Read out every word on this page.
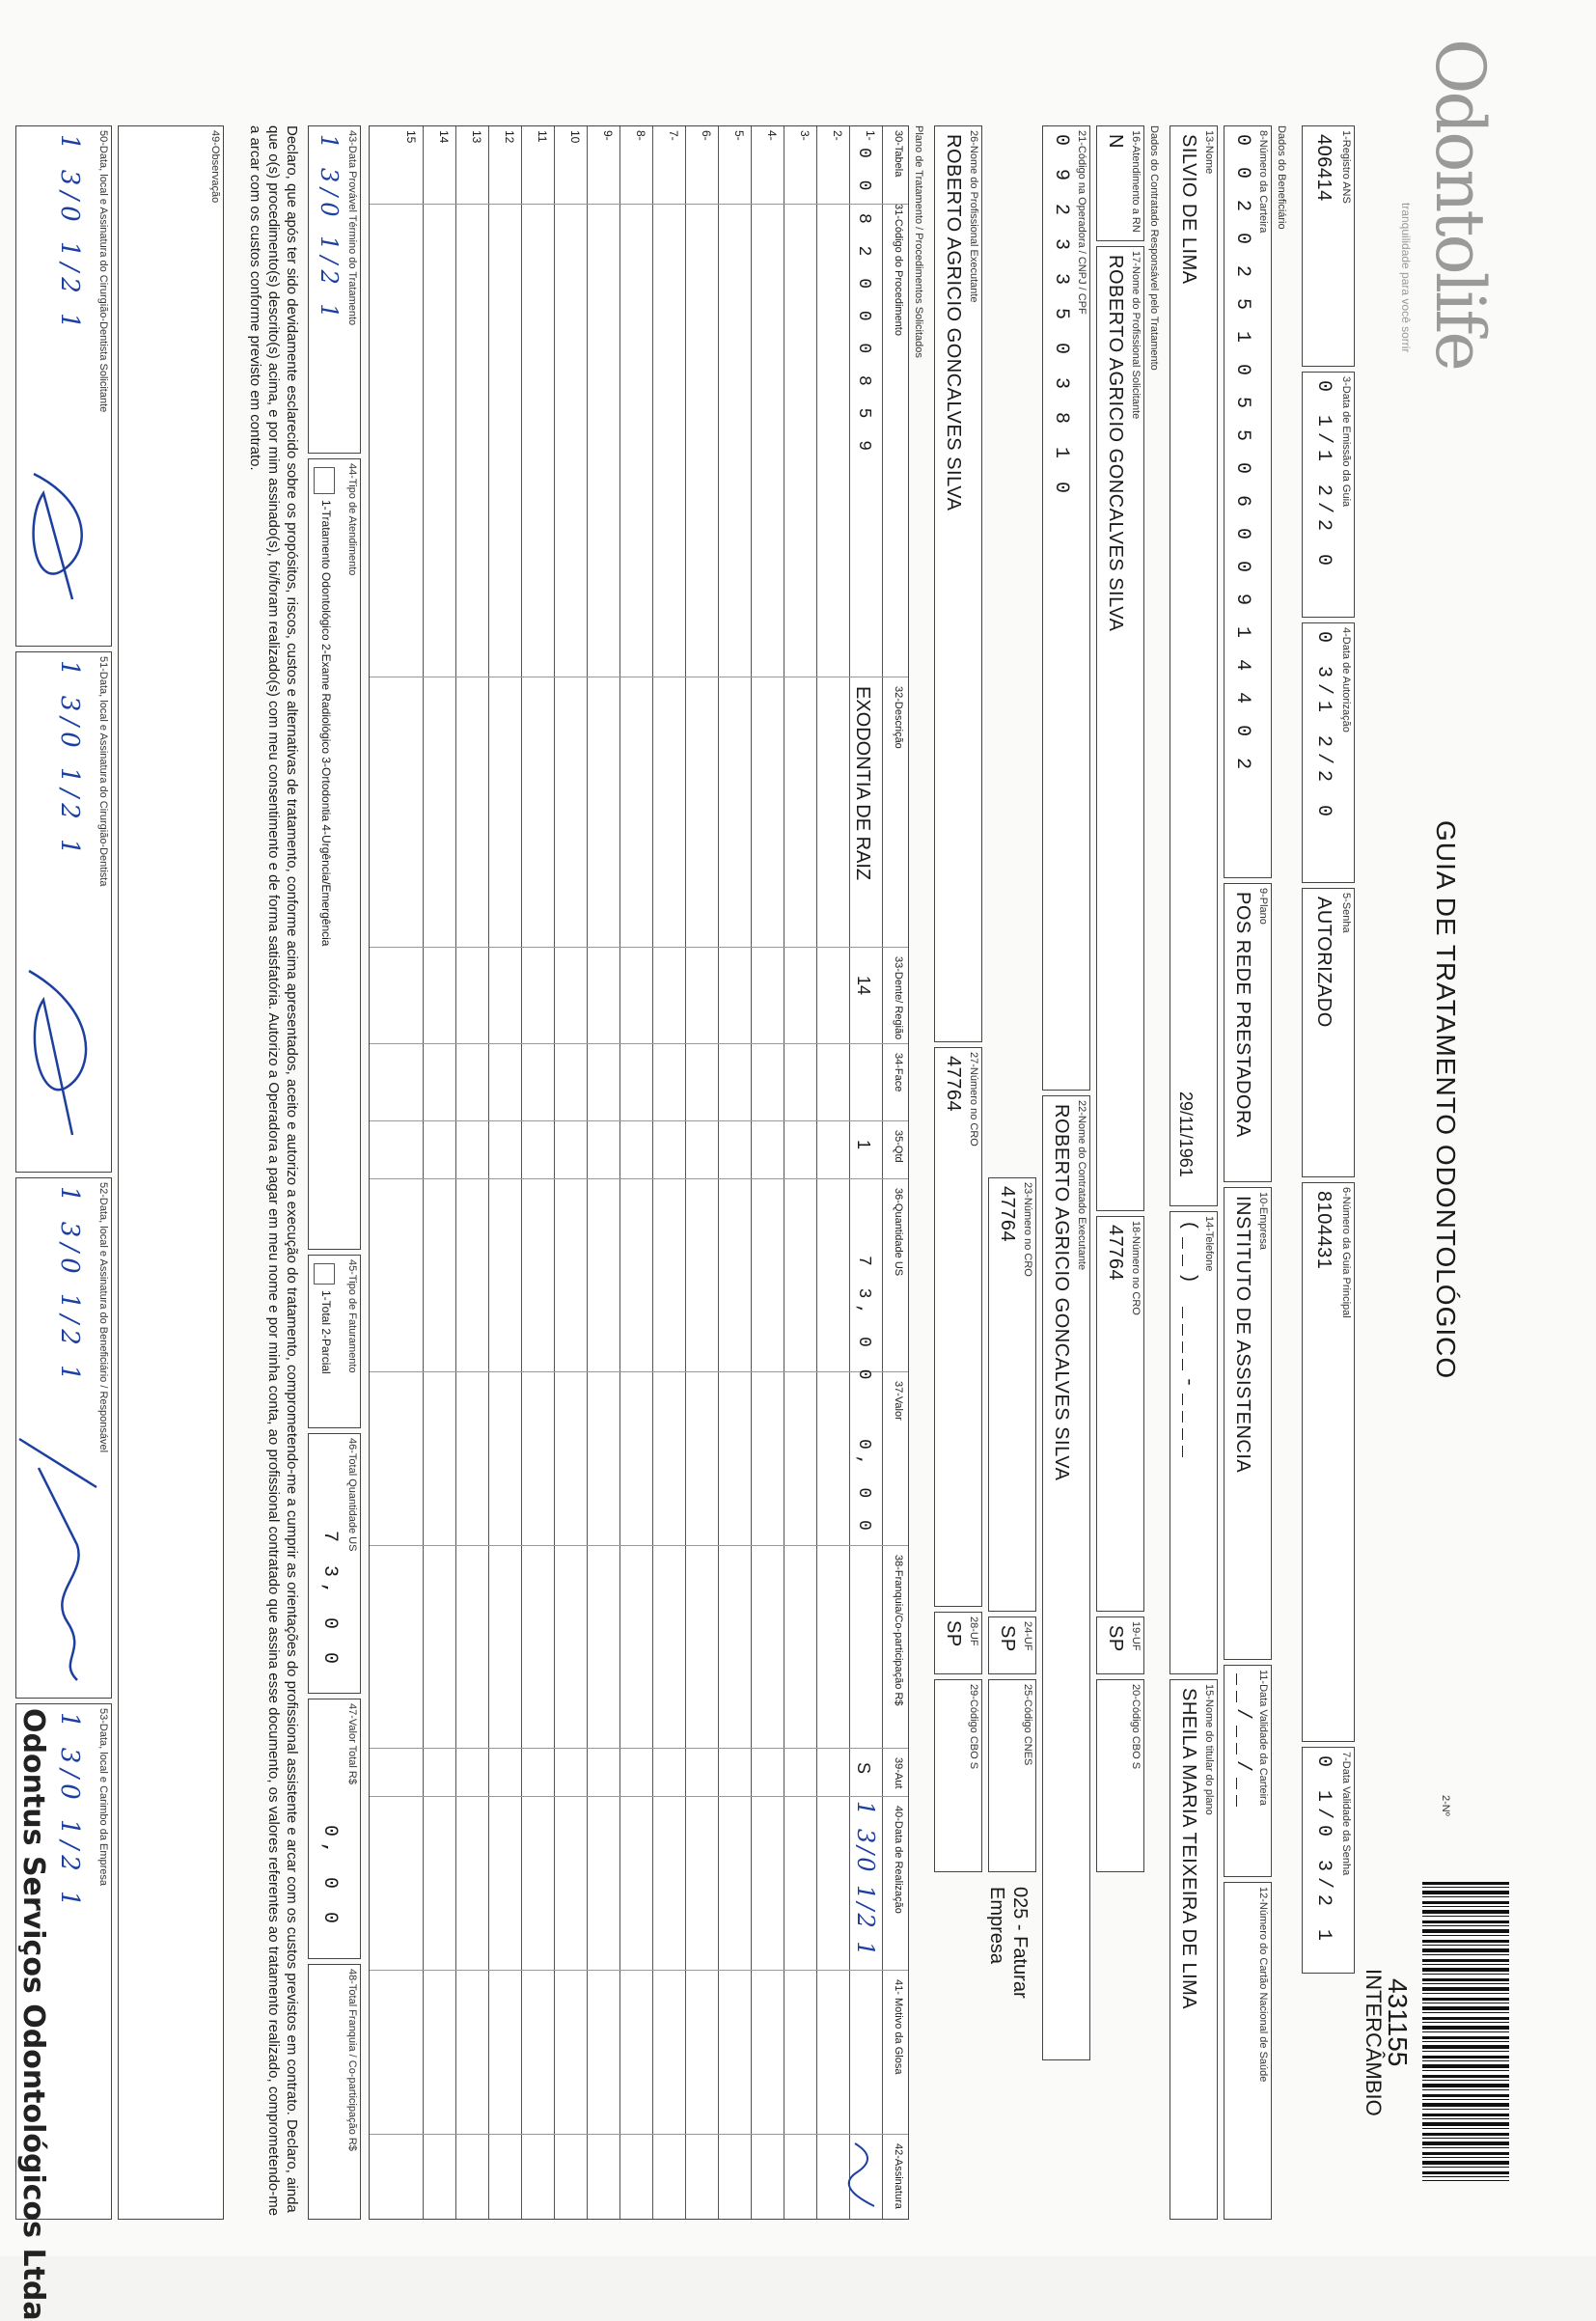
Odontolife
tranquilidade para você sorrir
GUIA DE TRATAMENTO ODONTOLÓGICO
2-Nº
431155
INTERCÂMBIO
1-Registro ANS
406414
3-Data de Emissão da Guia
0 1/1 2/2 0
4-Data de Autorização
0 3/1 2/2 0
5-Senha
AUTORIZADO
6-Número da Guia Principal
8104431
7-Data Validade da Senha
0 1/0 3/2 1
Dados do Beneficiário
8-Número da Carteira
0 0 2 0 2 5 1 0 5 5 0 6 0 0 9 1 4 4 0 2
9-Plano
POS REDE PRESTADORA
10-Empresa
INSTITUTO DE ASSISTENCIA
11-Data Validade da Carteira
__/__/__
12-Número do Cartão Nacional de Saúde
13-Nome
SILVIO DE LIMA
29/11/1961
14-Telefone
(__) ____-____
15-Nome do titular do plano
SHEILA MARIA TEIXEIRA DE LIMA
Dados do Contratado Responsável pelo Tratamento
16-Atendimento a RN
N
17-Nome do Profissional Solicitante
ROBERTO AGRICIO GONCALVES SILVA
18-Número no CRO
47764
19-UF
SP
20-Código CBO S
21-Código na Operadora / CNPJ / CPF
0 9 2 3 3 5 0 3 8 1 0
22-Nome do Contratado Executante
ROBERTO AGRICIO GONCALVES SILVA
23-Número no CRO
47764
24-UF
SP
25-Código CNES
025 - Faturar Empresa
26-Nome do Profissional Executante
ROBERTO AGRICIO GONCALVES SILVA
27-Número no CRO
47764
28-UF
SP
29-Código CBO S
Plano de Tratamento / Procedimentos Solicitados
30-Tabela
31-Código do Procedimento
32-Descrição
33-Dente/ Região
34-Face
35-Qtd
36-Quantidade US
37-Valor
38-Franquia/Co-participação R$
39-Aut
40-Data de Realização
41- Motivo da Glosa
42-Assinatura
1-
2-
3-
4-
5-
6-
7-
8-
9-
10
11
12
13
14
15
0 0
8 2 0 0 0 8 5 9
EXODONTIA DE RAIZ
14
1
7 3, 0 0
0, 0 0
S
1 3/0 1/2 1
43-Data Provável Término do Tratamento
1 3/0 1/2 1
44-Tipo de Atendimento
1-Tratamento Odontológico 2-Exame Radiológico 3-Ortodontia 4-Urgência/Emergência
45-Tipo de Faturamento
1-Total 2-Parcial
46-Total Quantidade US
7 3, 0 0
47-Valor Total R$
0, 0 0
48-Total Franquia / Co-participação R$
Declaro, que após ter sido devidamente esclarecido sobre os propósitos, riscos, custos e alternativas de tratamento, conforme acima apresentados, aceito e autorizo a execução do tratamento, comprometendo-me a cumprir as orientações do profissional assistente e arcar com os custos previstos em contrato. Declaro, ainda que o(s) procedimento(s) descrito(s) acima, e por mim assinado(s), foi/foram realizado(s) com meu consentimento e de forma satisfatória. Autorizo a Operadora a pagar em meu nome e por minha conta, ao profissional contratado que assina esse documento, os valores referentes ao tratamento realizado, comprometendo-me a arcar com os custos conforme previsto em contrato.
49-Observação
50-Data, local e Assinatura do Cirurgião-Dentista Solicitante
1 3/0 1/2 1
51-Data, local e Assinatura do Cirurgião-Dentista
1 3/0 1/2 1
52-Data, local e Assinatura do Beneficiário / Responsável
1 3/0 1/2 1
53-Data, local e Carimbo da Empresa
1 3/0 1/2 1
Odontus Serviços Odontológicos Ltda
